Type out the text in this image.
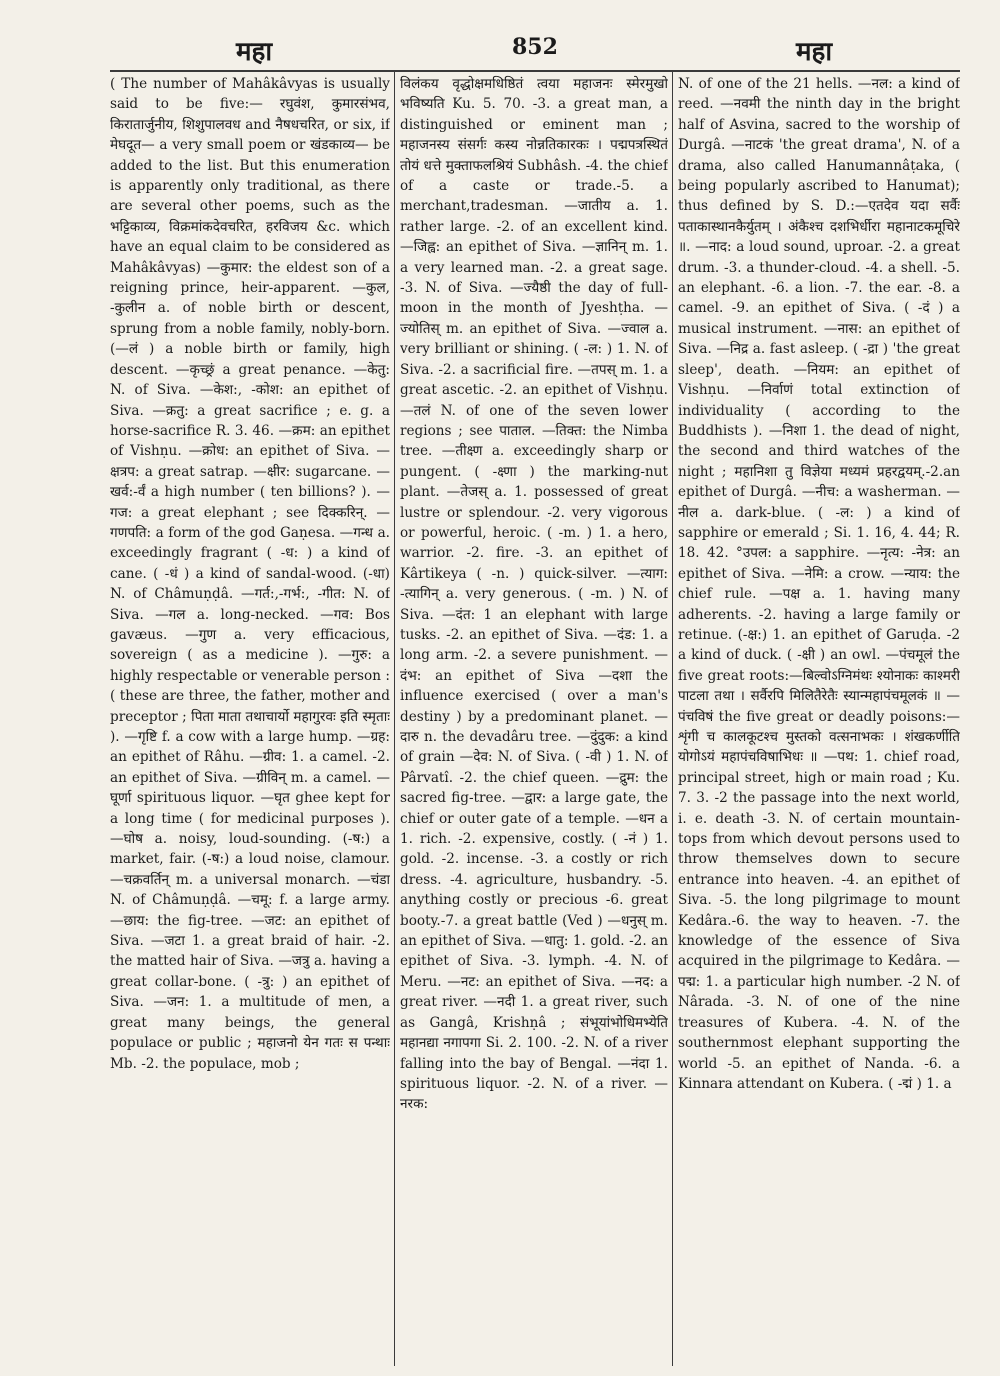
महा	852	महा

( The number of Mahâkâvyas is usually said to be five:— रघुवंश, कुमारसंभव, किरातार्जुनीय, शिशुपालवध and नैषधचरित, or six, if मेघदूत— a very small poem or खंडकाव्य— be added to the list. But this enumeration is apparently only traditional, as there are several other poems, such as the भट्टिकाव्य, विक्रमांकदेवचरित, हरविजय &c. which have an equal claim to be considered as Mahâkâvyas) —कुमार: the eldest son of a reigning prince, heir-apparent. —कुल, -कुलीन a. of noble birth or descent, sprung from a noble family, nobly-born. (—लं ) a noble birth or family, high descent. —कृच्छ्रं a great penance. —केतु: N. of Siva. —केश:, -कोश: an epithet of Siva. —क्रतु: a great sacrifice ; e. g. a horse-sacrifice R. 3. 46. —क्रम: an epithet of Vishṇu. —क्रोध: an epithet of Siva. —क्षत्रप: a great satrap. —क्षीर: sugarcane. —खर्व:-र्वं a high number ( ten billions? ). —गज: a great elephant ; see दिक्करिन्. —गणपति: a form of the god Gaṇesa. —गन्ध a. exceedingly fragrant ( -ध: ) a kind of cane. ( -धं ) a kind of sandal-wood. (-धा) N. of Châmuṇḍâ. —गर्त:,-गर्भ:, -गीत: N. of Siva. —गल a. long-necked. —गव: Bos gavæus. —गुण a. very efficacious, sovereign ( as a medicine ). —गुरु: a highly respectable or venerable person : ( these are three, the father, mother and preceptor ; पिता माता तथाचार्यो महागुरवः इति स्मृताः ). —गृष्टि f. a cow with a large hump. —ग्रह: an epithet of Râhu. —ग्रीव: 1. a camel. -2. an epithet of Siva. —ग्रीविन् m. a camel. —घूर्णा spirituous liquor. —घृत ghee kept for a long time ( for medicinal purposes ). —घोष a. noisy, loud-sounding. (-ष:) a market, fair. (-ष:) a loud noise, clamour. —चक्रवर्तिन् m. a universal monarch. —चंडा N. of Châmuṇḍâ. —चमू: f. a large army. —छाय: the fig-tree. —जट: an epithet of Siva. —जटा 1. a great braid of hair. -2. the matted hair of Siva. —जत्रु a. having a great collar-bone. ( -त्रु: ) an epithet of Siva. —जन: 1. a multitude of men, a great many beings, the general populace or public ; महाजनो येन गतः स पन्थाः Mb. -2. the populace, mob ;

विलंकय वृद्धोक्षमधिष्ठितं त्वया महाजनः स्मेरमुखो भविष्यति Ku. 5. 70. -3. a great man, a distinguished or eminent man ; महाजनस्य संसर्गः कस्य नोन्नतिकारकः । पद्मपत्रस्थितं तोयं धत्ते मुक्ताफलश्रियं Subhâsh. -4. the chief of a caste or trade.-5. a merchant,tradesman. —जातीय a. 1. rather large. -2. of an excellent kind. —जिह्व: an epithet of Siva. —ज्ञानिन् m. 1. a very learned man. -2. a great sage. -3. N. of Siva. —ज्यैष्ठी the day of full-moon in the month of Jyeshṭha. —ज्योतिस् m. an epithet of Siva. —ज्वाल a. very brilliant or shining. ( -ल: ) 1. N. of Siva. -2. a sacrificial fire. —तपस् m. 1. a great ascetic. -2. an epithet of Vishṇu. —तलं N. of one of the seven lower regions ; see पाताल. —तिक्त: the Nimba tree. —तीक्ष्ण a. exceedingly sharp or pungent. ( -क्ष्णा ) the marking-nut plant. —तेजस् a. 1. possessed of great lustre or splendour. -2. very vigorous or powerful, heroic. ( -m. ) 1. a hero, warrior. -2. fire. -3. an epithet of Kârtikeya ( -n. ) quick-silver. —त्याग: -त्यागिन् a. very generous. ( -m. ) N. of Siva. —दंत: 1 an elephant with large tusks. -2. an epithet of Siva. —दंड: 1. a long arm. -2. a severe punishment. —दंभ: an epithet of Siva —दशा the influence exercised ( over a man's destiny ) by a predominant planet. —दारु n. the devadâru tree. —दुंदुक: a kind of grain —देव: N. of Siva. ( -वी ) 1. N. of Pârvatî. -2. the chief queen. —द्रुम: the sacred fig-tree. —द्वार: a large gate, the chief or outer gate of a temple. —धन a 1. rich. -2. expensive, costly. ( -नं ) 1. gold. -2. incense. -3. a costly or rich dress. -4. agriculture, husbandry. -5. anything costly or precious -6. great booty.-7. a great battle (Ved ) —धनुस् m. an epithet of Siva. —धातु: 1. gold. -2. an epithet of Siva. -3. lymph. -4. N. of Meru. —नट: an epithet of Siva. —नद: a great river. —नदी 1. a great river, such as Gangâ, Krishṇâ ; संभूयांभोधिमभ्येति महानद्या नगापगा Si. 2. 100. -2. N. of a river falling into the bay of Bengal. —नंदा 1. spirituous liquor. -2. N. of a river. —नरक:

N. of one of the 21 hells. —नल: a kind of reed. —नवमी the ninth day in the bright half of Asvina, sacred to the worship of Durgâ. —नाटकं 'the great drama', N. of a drama, also called Hanumannâṭaka, ( being popularly ascribed to Hanumat); thus defined by S. D.:—एतदेव यदा सर्वैः पताकास्थानकैर्युतम् । अंकैश्च दशभिर्धीरा महानाटकमूचिरे ॥. —नाद: a loud sound, uproar. -2. a great drum. -3. a thunder-cloud. -4. a shell. -5. an elephant. -6. a lion. -7. the ear. -8. a camel. -9. an epithet of Siva. ( -दं ) a musical instrument. —नास: an epithet of Siva. —निद्र a. fast asleep. ( -द्रा ) 'the great sleep', death. —नियम: an epithet of Vishṇu. —निर्वाणं total extinction of individuality ( according to the Buddhists ). —निशा 1. the dead of night, the second and third watches of the night ; महानिशा तु विज्ञेया मध्यमं प्रहरद्वयम्.-2.an epithet of Durgâ. —नीच: a washerman. —नील a. dark-blue. ( -ल: ) a kind of sapphire or emerald ; Si. 1. 16, 4. 44; R. 18. 42. °उपल: a sapphire. —नृत्य: -नेत्र: an epithet of Siva. —नेमि: a crow. —न्याय: the chief rule. —पक्ष a. 1. having many adherents. -2. having a large family or retinue. (-क्ष:) 1. an epithet of Garuḍa. -2 a kind of duck. ( -क्षी ) an owl. —पंचमूलं the five great roots:—बिल्वोऽग्निमंथः श्योनाकः काश्मरी पाटला तथा । सर्वैरपि मिलितैरेतैः स्यान्महापंचमूलकं ॥ —पंचविषं the five great or deadly poisons:—शृंगी च कालकूटश्च मुस्तको वत्सनाभकः । शंखकर्णीति योगोऽयं महापंचविषाभिधः ॥ —पथ: 1. chief road, principal street, high or main road ; Ku. 7. 3. -2 the passage into the next world, i. e. death -3. N. of certain mountain-tops from which devout persons used to throw themselves down to secure entrance into heaven. -4. an epithet of Siva. -5. the long pilgrimage to mount Kedâra.-6. the way to heaven. -7. the knowledge of the essence of Siva acquired in the pilgrimage to Kedâra. —पद्म: 1. a particular high number. -2 N. of Nârada. -3. N. of one of the nine treasures of Kubera. -4. N. of the southernmost elephant supporting the world -5. an epithet of Nanda. -6. a Kinnara attendant on Kubera. ( -द्मं ) 1. a
